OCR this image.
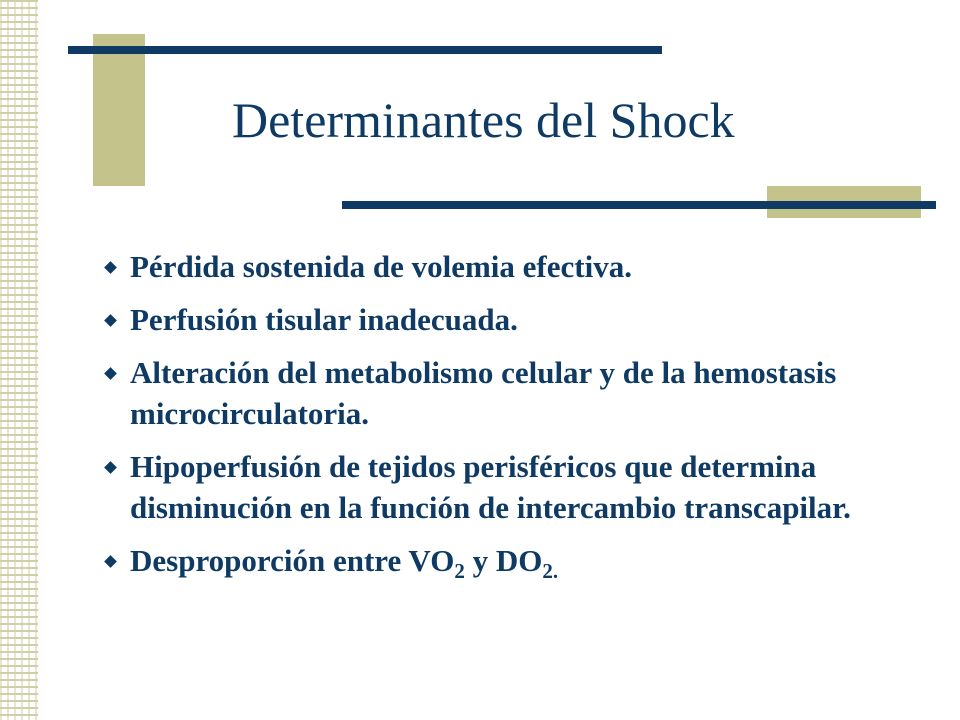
Determinantes del Shock
Pérdida sostenida de volemia efectiva.
Perfusión tisular inadecuada.
Alteración del metabolismo celular y de la hemostasis microcirculatoria.
Hipoperfusión de tejidos perisféricos que determina disminución en la función de intercambio transcapilar.
Desproporción entre $VO_2$ y $DO_{2.}$
